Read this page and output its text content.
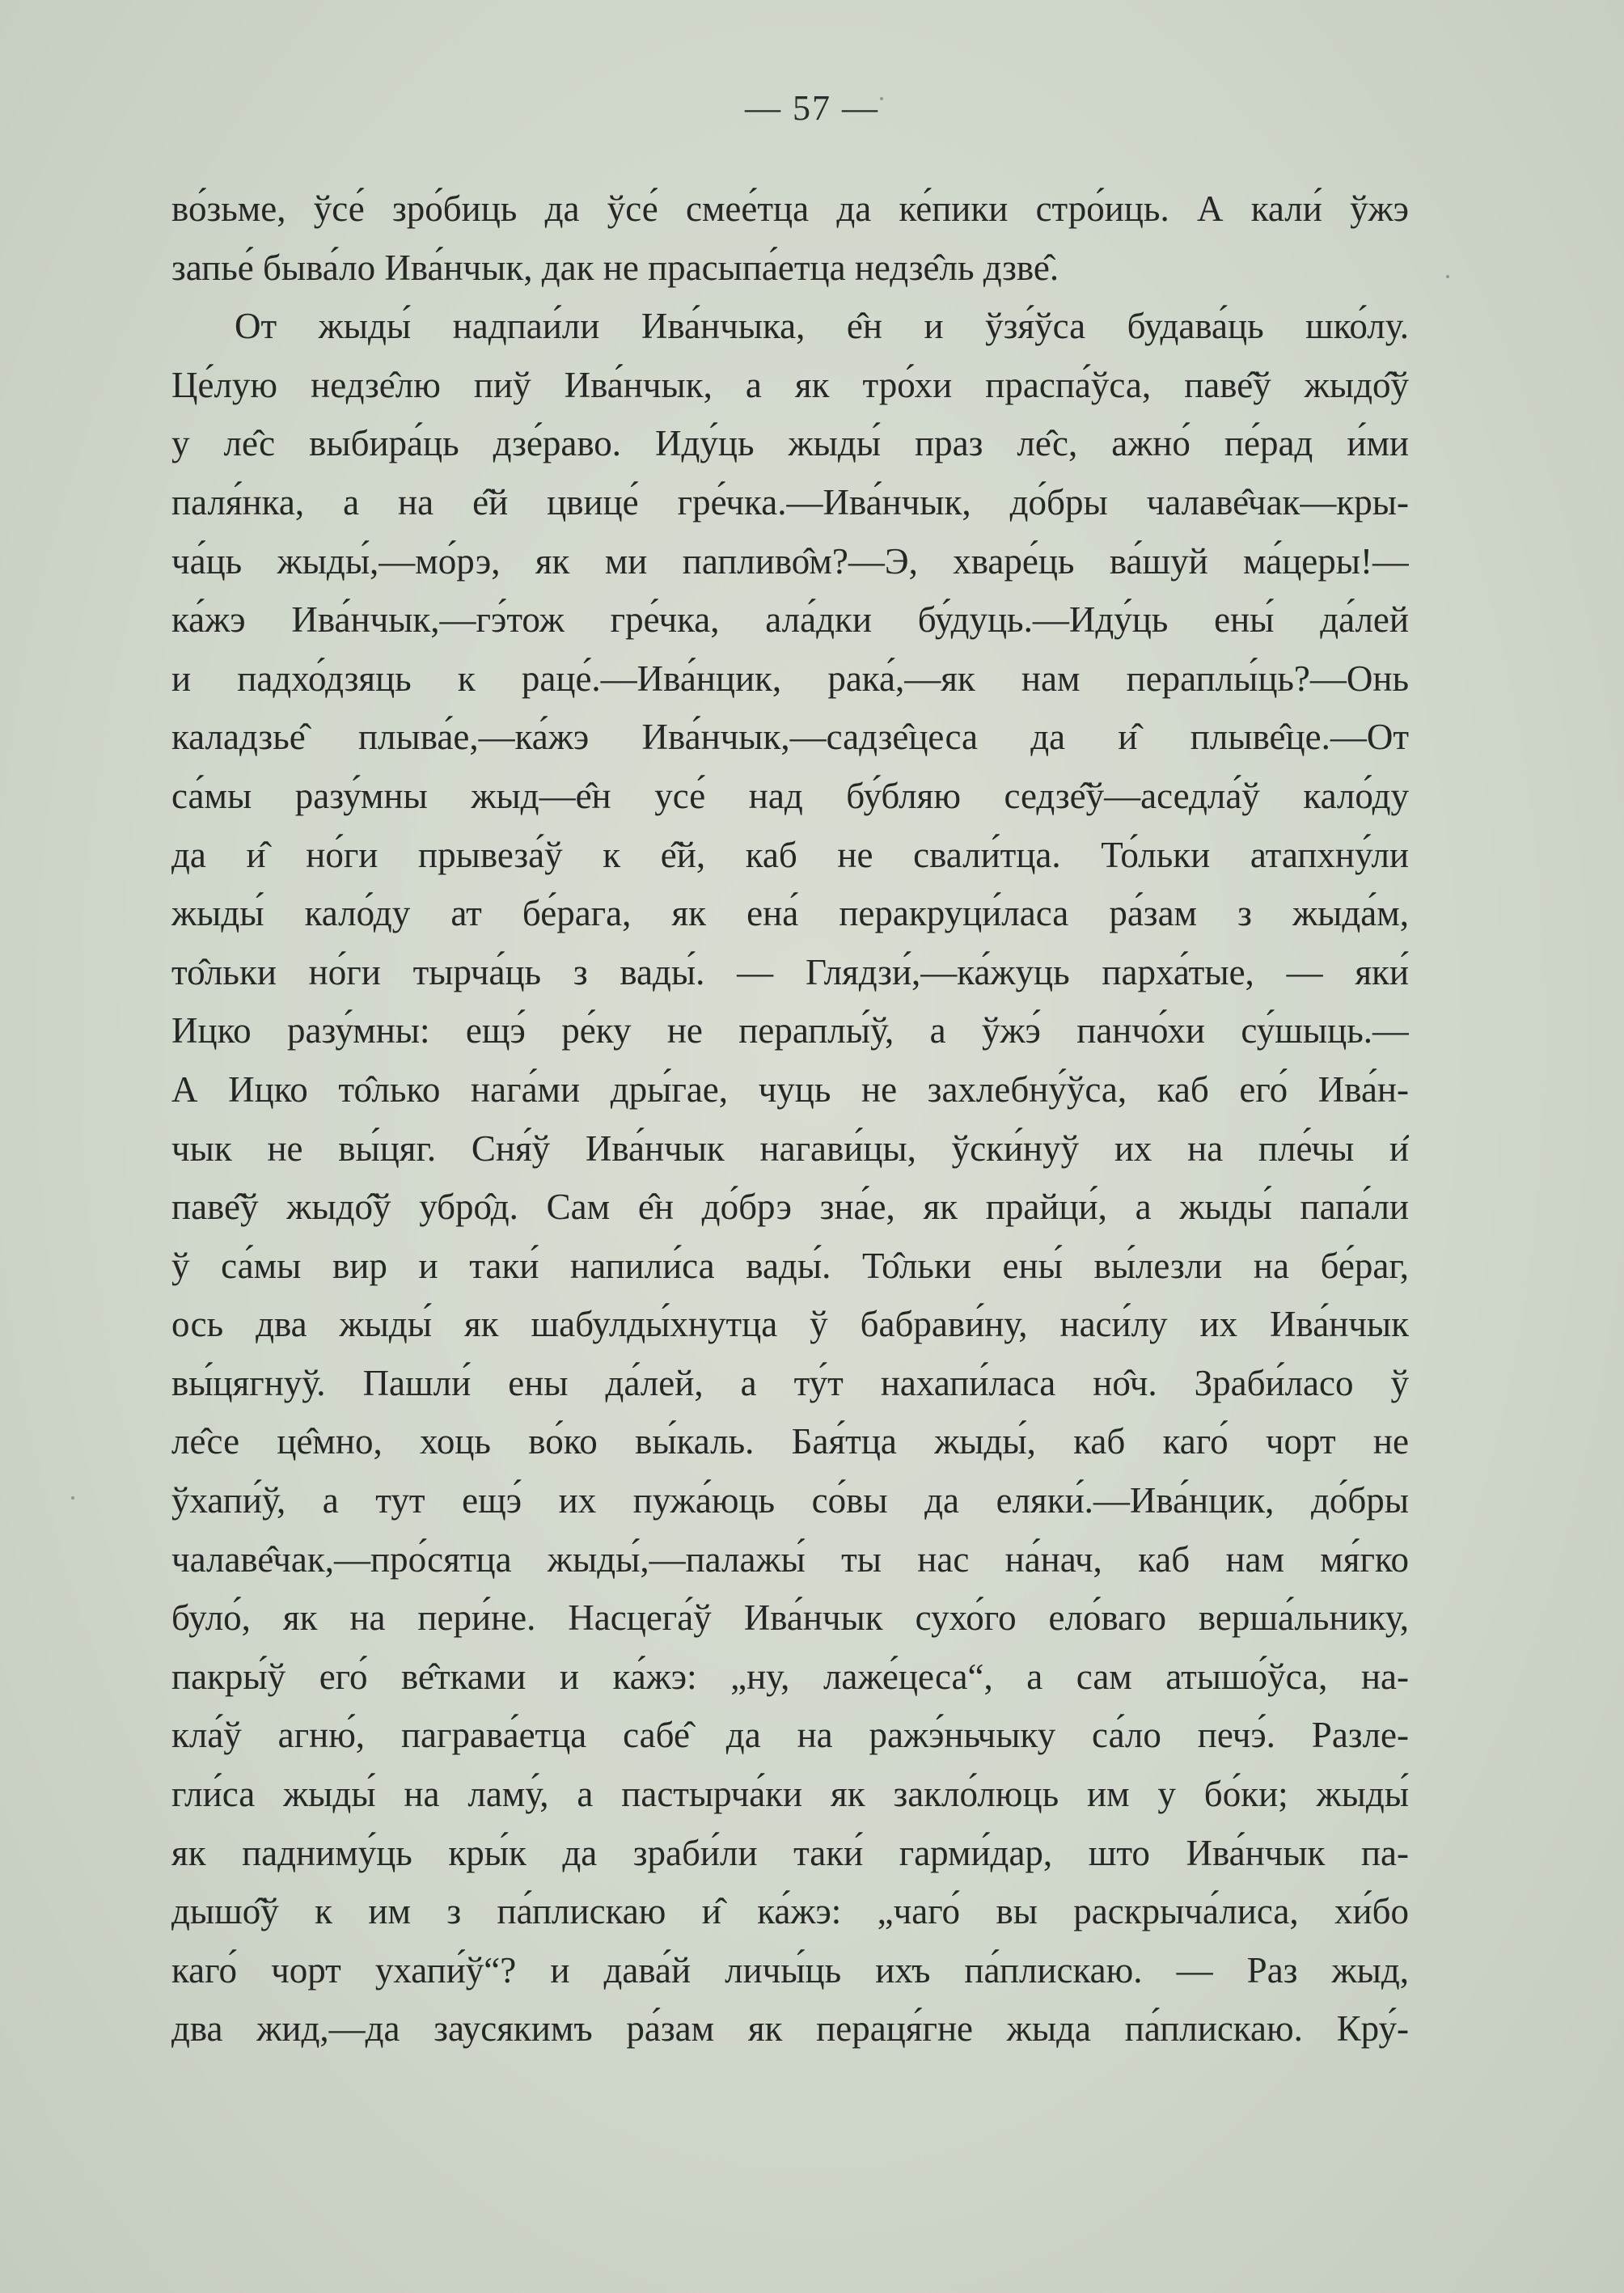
— 57 —
во́зьме, ўсе́ зро́биць да ўсе́ смее́тца да ке́пики стро́иць. А кали́ ўжэ
запье́ быва́ло Ива́нчык, дак не прасыпа́етца недзе̂ль дзве̂.
От жыды́ надпаи́ли Ива́нчыка, е̂н и ўзя́ўса будава́ць шко́лу.
Це́лую недзе̂лю пиў Ива́нчык, а як тро́хи праспа́ўса, паве̂ў жыдо̂ў
у ле̂с выбира́ць дзе́раво. Иду́ць жыды́ праз ле̂с, ажно́ пе́рад и́ми
паля́нка, а на е̂й цвице́ гре́чка.—Ива́нчык, до́бры чалаве̂чак—кры-
ча́ць жыды́,—мо́рэ, як ми папливо̂м?—Э, хваре́ць ва́шуй ма́церы!—
ка́жэ Ива́нчык,—гэ́тож гре́чка, ала́дки бу́дуць.—Иду́ць ены́ да́лей
и падхо́дзяць к раце́.—Ива́нцик, рака́,—як нам пераплы́ць?—Онь
каладзье̂ плыва́е,—ка́жэ Ива́нчык,—садзе̂цеса да и̂ плыве̂це.—От
са́мы разу́мны жыд—е̂н усе́ над бу́бляю седзе̂ў—аседла́ў кало́ду
да и̂ но́ги прывеза́ў к е̂й, каб не свали́тца. То́льки атапхну́ли
жыды́ кало́ду ат бе́рага, як ена́ перакруци́ласа ра́зам з жыда́м,
то̂льки но́ги тырча́ць з вады́. — Глядзи́,—ка́жуць парха́тые, — яки́
Ицко разу́мны: ещэ́ ре́ку не пераплы́ў, а ўжэ́ панчо́хи су́шыць.—
А Ицко то̂лько нага́ми дры́гае, чуць не захлебну́ўса, каб его́ Ива́н-
чык не вы́цяг. Сня́ў Ива́нчык нагави́цы, ўски́нуў их на пле́чы и̂
паве̂ў жыдо̂ў убро̂д. Сам е̂н до́брэ зна́е, як прайци́, а жыды́ папа́ли
ў са́мы вир и таки́ напили́са вады́. То̂льки ены́ вы́лезли на бе́раг,
ось два жыды́ як шабулды́хнутца ў бабрави́ну, наси́лу их Ива́нчык
вы́цягнуў. Пашли́ ены да́лей, а ту́т нахапи́ласа но̂ч. Зраби́ласо ў
ле̂се це̂мно, хоць во́ко вы́каль. Бая́тца жыды́, каб каго́ чорт не
ўхапи́ў, а тут ещэ́ их пужа́юць со́вы да еляки́.—Ива́нцик, до́бры
чалаве̂чак,—про́сятца жыды́,—палажы́ ты нас на́нач, каб нам мя́гко
було́, як на пери́не. Насцега́ў Ива́нчык сухо́го ело́ваго верша́льнику,
пакры́ў его́ ве̂тками и ка́жэ: „ну, лаже́цеса“, а сам атышо́ўса, на-
кла́ў агню́, паграва́етца сабе̂ да на ражэ́ньчыку са́ло печэ́. Разле-
гли́са жыды́ на ламу́, а пастырча́ки як закло́люць им у бо́ки; жыды́
як падниму́ць кры́к да зраби́ли таки́ гарми́дар, што Ива́нчык па-
дышо̂ў к им з па́плискаю и̂ ка́жэ: „чаго́ вы раскрыча́лиса, хи́бо
каго́ чорт ухапи́ў“? и дава́й личы́ць ихъ па́плискаю. — Раз жыд,
два жид,—да заусякимъ ра́зам як пераця́гне жыда па́плискаю. Кру́-
